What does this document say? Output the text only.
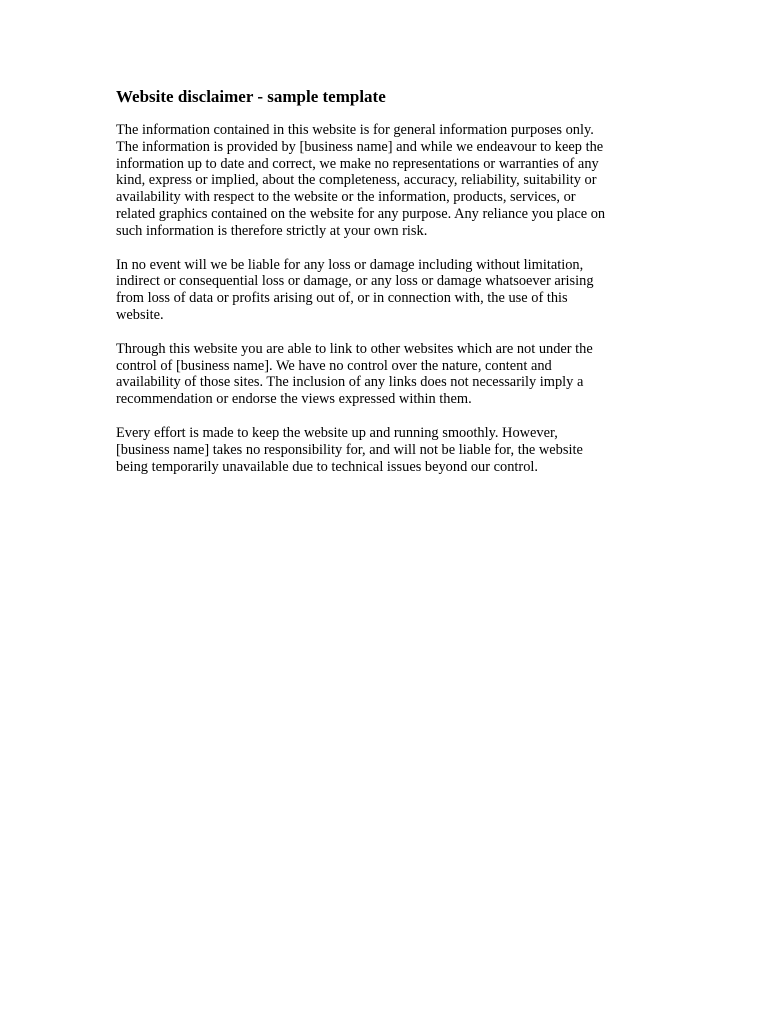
Website disclaimer - sample template

The information contained in this website is for general information purposes only.
The information is provided by [business name] and while we endeavour to keep the
information up to date and correct, we make no representations or warranties of any
kind, express or implied, about the completeness, accuracy, reliability, suitability or
availability with respect to the website or the information, products, services, or
related graphics contained on the website for any purpose. Any reliance you place on
such information is therefore strictly at your own risk.

In no event will we be liable for any loss or damage including without limitation,
indirect or consequential loss or damage, or any loss or damage whatsoever arising
from loss of data or profits arising out of, or in connection with, the use of this
website.

Through this website you are able to link to other websites which are not under the
control of [business name]. We have no control over the nature, content and
availability of those sites. The inclusion of any links does not necessarily imply a
recommendation or endorse the views expressed within them.

Every effort is made to keep the website up and running smoothly. However,
[business name] takes no responsibility for, and will not be liable for, the website
being temporarily unavailable due to technical issues beyond our control.
